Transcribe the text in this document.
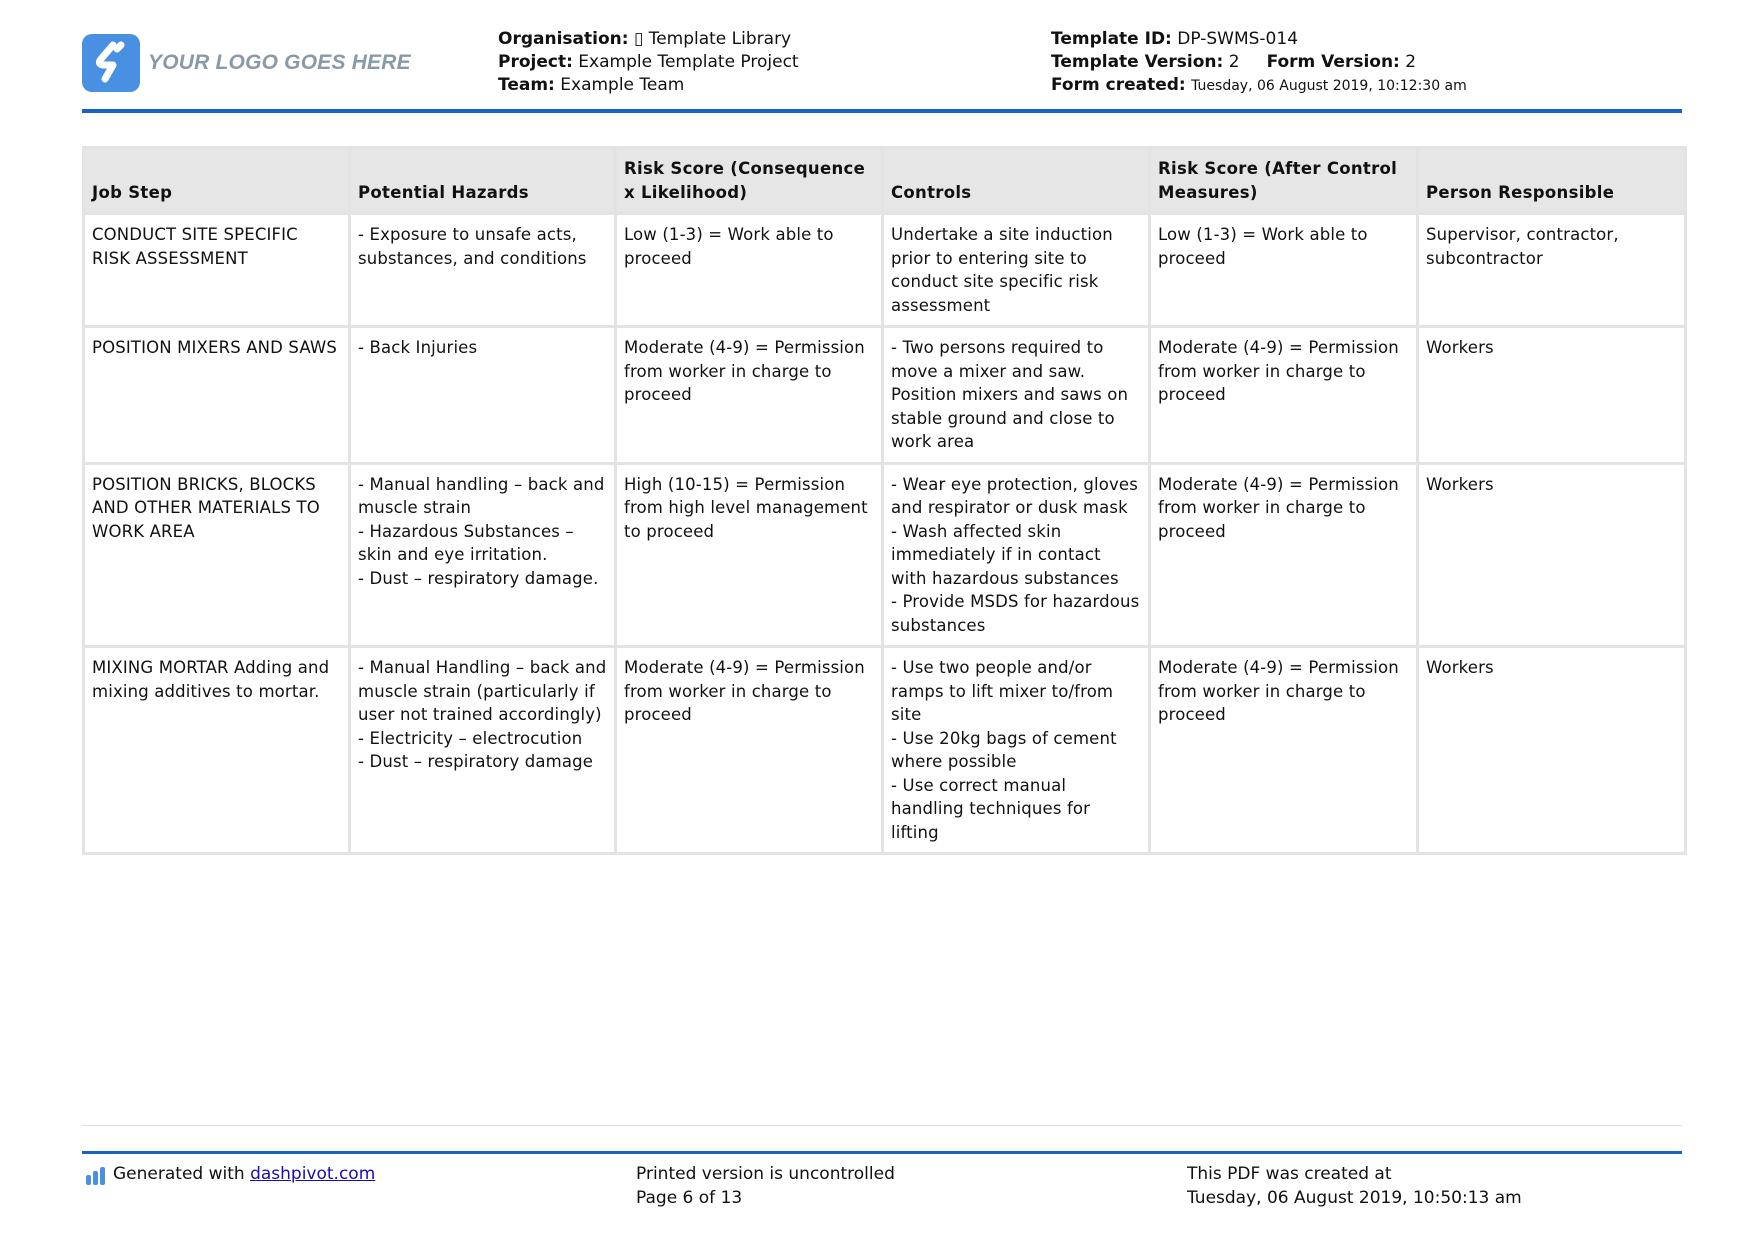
YOUR LOGO GOES HERE
Organisation: ▯ Template Library
Project: Example Template Project
Team: Example Team
Template ID: DP-SWMS-014
Template Version: 2 Form Version: 2
Form created: Tuesday, 06 August 2019, 10:12:30 am
Job Step	Potential Hazards	Risk Score (Consequence x Likelihood)	Controls	Risk Score (After Control Measures)	Person Responsible

CONDUCT SITE SPECIFIC RISK ASSESSMENT	- Exposure to unsafe acts, substances, and conditions	Low (1-3) = Work able to proceed	Undertake a site induction prior to entering site to conduct site specific risk assessment	Low (1-3) = Work able to proceed	Supervisor, contractor, subcontractor

POSITION MIXERS AND SAWS	- Back Injuries	Moderate (4-9) = Permission from worker in charge to proceed	- Two persons required to move a mixer and saw. Position mixers and saws on stable ground and close to work area	Moderate (4-9) = Permission from worker in charge to proceed	Workers

POSITION BRICKS, BLOCKS AND OTHER MATERIALS TO WORK AREA	- Manual handling – back and muscle strain
- Hazardous Substances – skin and eye irritation.
- Dust – respiratory damage.	High (10-15) = Permission from high level management to proceed	- Wear eye protection, gloves and respirator or dusk mask
- Wash affected skin immediately if in contact with hazardous substances
- Provide MSDS for hazardous substances	Moderate (4-9) = Permission from worker in charge to proceed	Workers

MIXING MORTAR Adding and mixing additives to mortar.	- Manual Handling – back and muscle strain (particularly if user not trained accordingly)
- Electricity – electrocution
- Dust – respiratory damage	Moderate (4-9) = Permission from worker in charge to proceed	- Use two people and/or ramps to lift mixer to/from site
- Use 20kg bags of cement where possible
- Use correct manual handling techniques for lifting	Moderate (4-9) = Permission from worker in charge to proceed	Workers
Generated with dashpivot.com	Printed version is uncontrolled
Page 6 of 13
This PDF was created at
Tuesday, 06 August 2019, 10:50:13 am
